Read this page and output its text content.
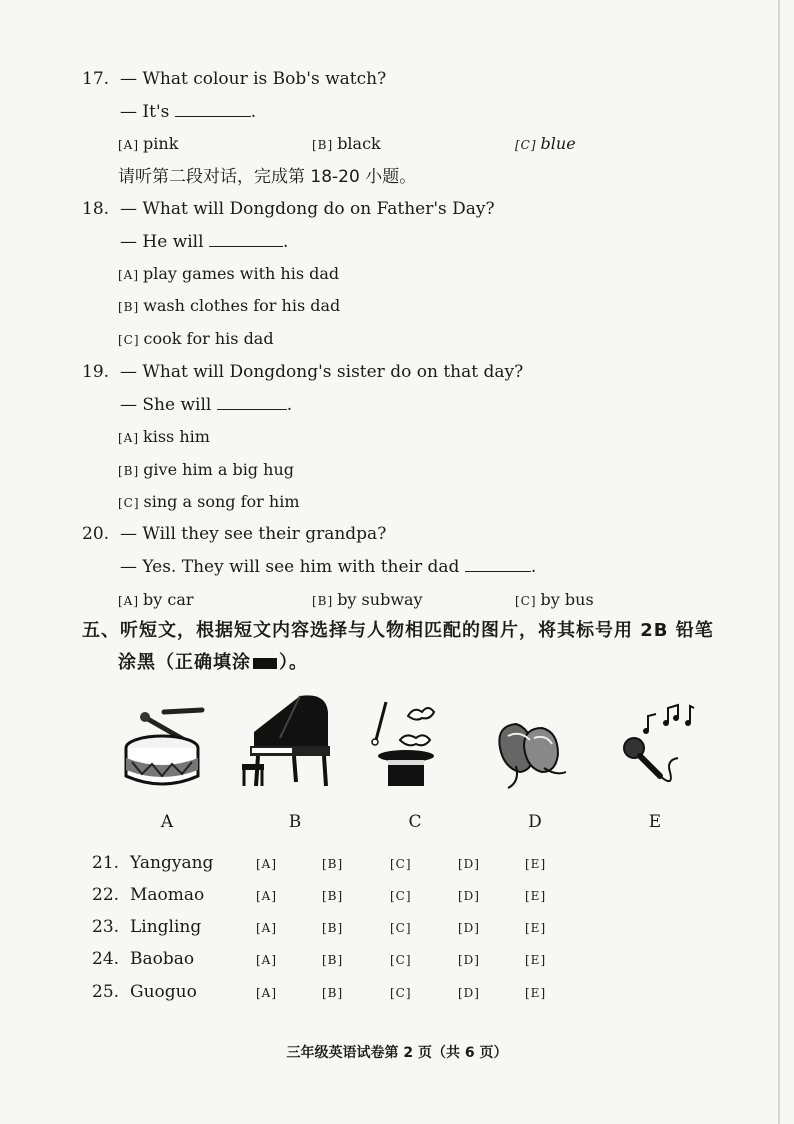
17. — What colour is Bob's watch?
— It's	.
[A] pink	[B] black	[C] blue
请听第二段对话，完成第 18-20 小题。
18. — What will Dongdong do on Father's Day?
— He will	.
[A] play games with his dad
[B] wash clothes for his dad
[C] cook for his dad
19. — What will Dongdong's sister do on that day?
— She will	.
[A] kiss him
[B] give him a big hug
[C] sing a song for him
20. — Will they see their grandpa?
— Yes. They will see him with their dad	.
[A] by car	[B] by subway	[C] by bus
五、听短文，根据短文内容选择与人物相匹配的图片，将其标号用 2B 铅笔
涂黑（正确填涂 ）。
A	B	C	D	E
21. Yangyang	[A]	[B]	[C]	[D]	[E]
22. Maomao	[A]	[B]	[C]	[D]	[E]
23. Lingling	[A]	[B]	[C]	[D]	[E]
24. Baobao	[A]	[B]	[C]	[D]	[E]
25. Guoguo	[A]	[B]	[C]	[D]	[E]
三年级英语试卷第 2 页（共 6 页）
